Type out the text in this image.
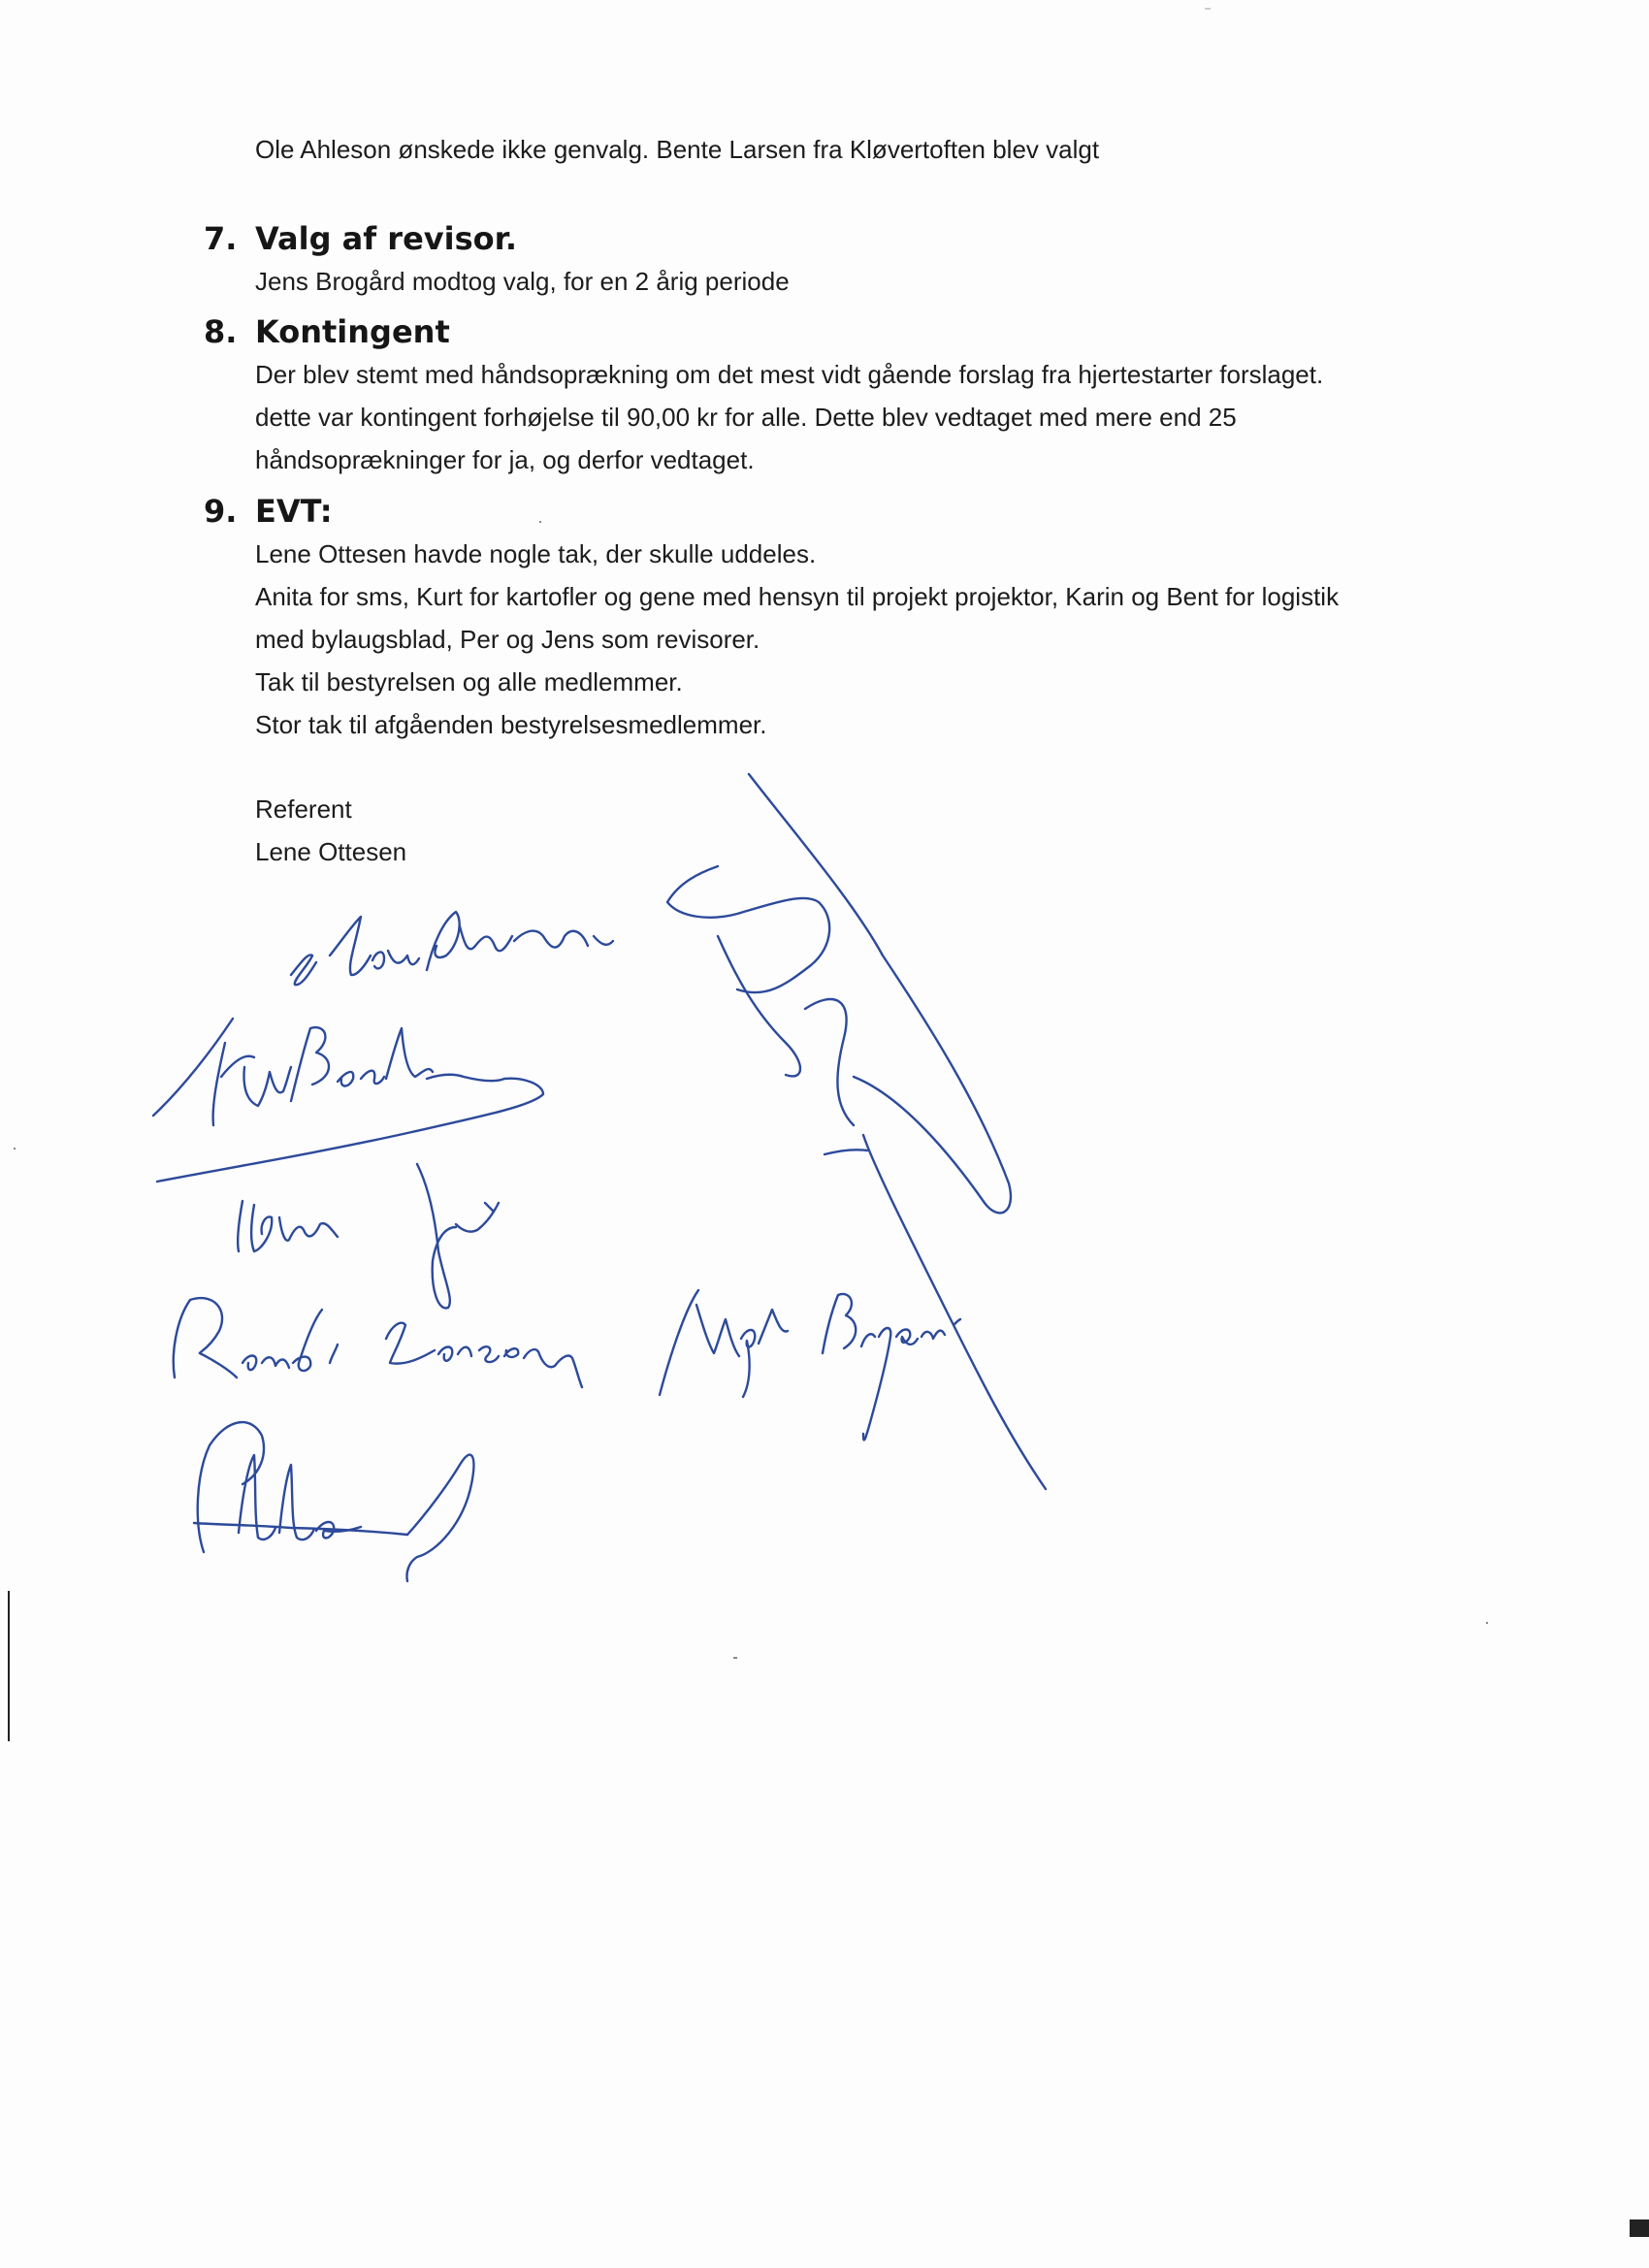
Ole Ahleson ønskede ikke genvalg. Bente Larsen fra Kløvertoften blev valgt
7. Valg af revisor.
Jens Brogård modtog valg, for en 2 årig periode
8. Kontingent
Der blev stemt med håndsoprækning om det mest vidt gående forslag fra hjertestarter forslaget.
dette var kontingent forhøjelse til 90,00 kr for alle. Dette blev vedtaget med mere end 25
håndsoprækninger for ja, og derfor vedtaget.
9. EVT:
Lene Ottesen havde nogle tak, der skulle uddeles.
Anita for sms, Kurt for kartofler og gene med hensyn til projekt projektor, Karin og Bent for logistik
med bylaugsblad, Per og Jens som revisorer.
Tak til bestyrelsen og alle medlemmer.
Stor tak til afgåenden bestyrelsesmedlemmer.
Referent
Lene Ottesen
